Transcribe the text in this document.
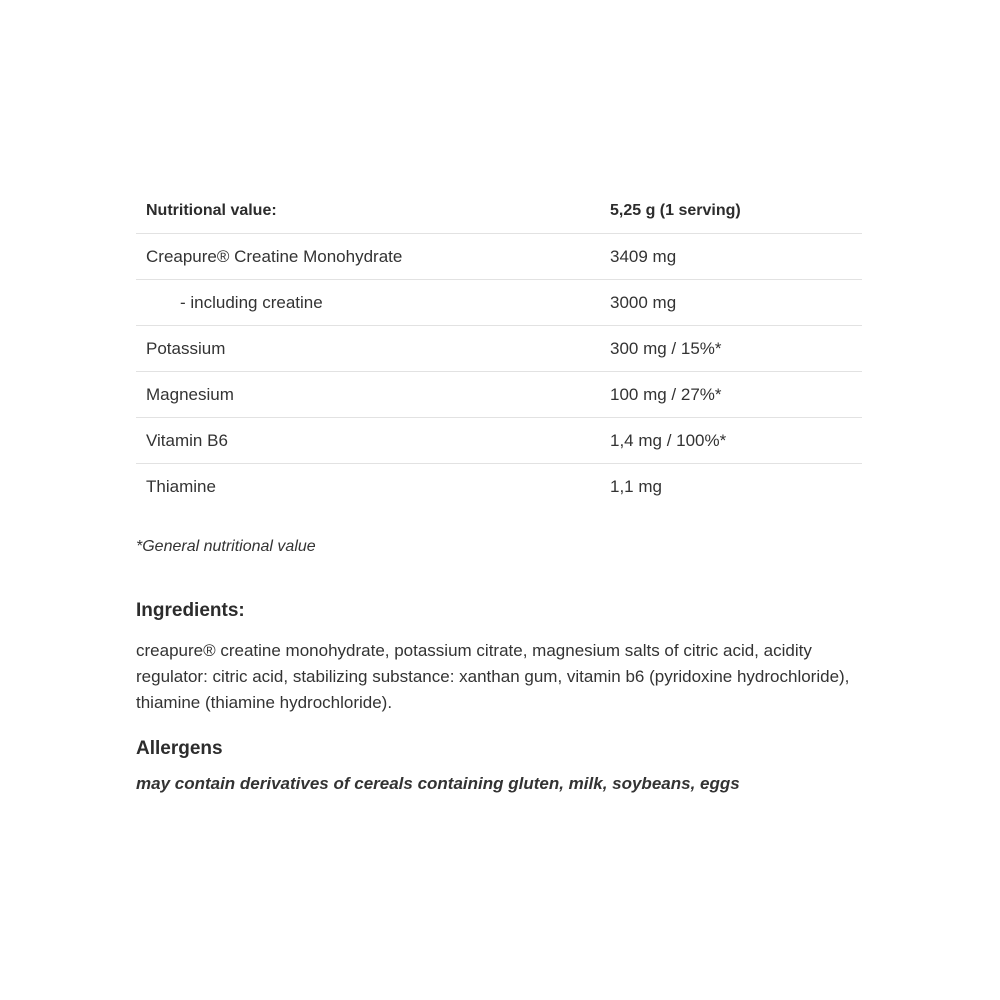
Nutritional value:	5,25 g (1 serving)
Creapure® Creatine Monohydrate	3409 mg
- including creatine	3000 mg
Potassium	300 mg / 15%*
Magnesium	100 mg / 27%*
Vitamin B6	1,4 mg / 100%*
Thiamine	1,1 mg
*General nutritional value
Ingredients:
creapure® creatine monohydrate, potassium citrate, magnesium salts of citric acid, acidity regulator: citric acid, stabilizing substance: xanthan gum, vitamin b6 (pyridoxine hydrochloride), thiamine (thiamine hydrochloride).
Allergens
may contain derivatives of cereals containing gluten, milk, soybeans, eggs
